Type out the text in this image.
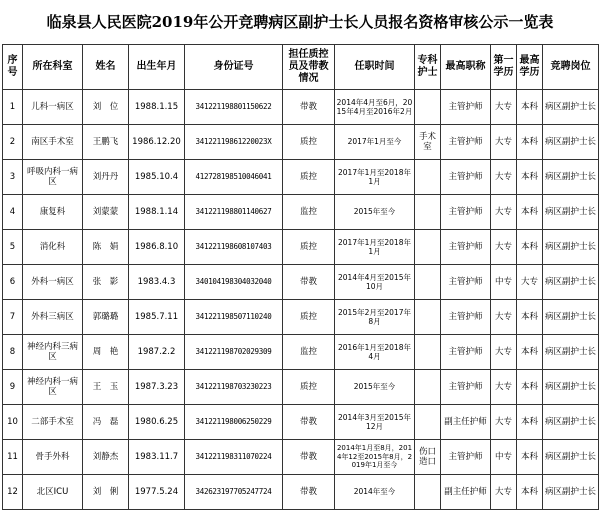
临泉县人民医院2019年公开竞聘病区副护士长人员报名资格审核公示一览表
序号	所在科室	姓名	出生年月	身份证号	担任质控员及带教情况	任职时间	专科护士	最高职称	第一学历	最高学历	竞聘岗位
1	儿科一病区	刘　位	1988.1.15	341221198801150622	带教	2014年4月至6月，2015年4月至2016年2月		主管护师	大专	本科	病区副护士长
2	南区手术室	王鹏飞	1986.12.20	34122119861220023X	质控	2017年1月至今	手术室	主管护师	大专	本科	病区副护士长
3	呼吸内科一病区	刘丹丹	1985.10.4	412728198510046041	质控	2017年1月至2018年1月		主管护师	大专	本科	病区副护士长
4	康复科	刘蒙蒙	1988.1.14	341221198801140627	监控	2015年至今		主管护师	大专	本科	病区副护士长
5	消化科	陈　娟	1986.8.10	341221198608107403	质控	2017年1月至2018年1月		主管护师	大专	本科	病区副护士长
6	外科一病区	张　影	1983.4.3	340104198304032040	带教	2014年4月至2015年10月		主管护师	中专	大专	病区副护士长
7	外科三病区	郭璐璐	1985.7.11	341221198507110240	质控	2015年2月至2017年8月		主管护师	大专	本科	病区副护士长
8	神经内科三病区	周　艳	1987.2.2	341221198702029309	监控	2016年1月至2018年4月		主管护师	大专	本科	病区副护士长
9	神经内科一病区	王　玉	1987.3.23	341221198703230223	质控	2015年至今		主管护师	大专	本科	病区副护士长
10	二部手术室	冯　磊	1980.6.25	341221198006250229	带教	2014年3月至2015年12月		副主任护师	大专	本科	病区副护士长
11	骨手外科	刘静杰	1983.11.7	341221198311070224	带教	2014年1月至8月，2014年12至2015年8月，2019年1月至今	伤口造口	主管护师	中专	本科	病区副护士长
12	北区ICU	刘　俐	1977.5.24	342623197705247724	带教	2014年至今		副主任护师	大专	本科	病区副护士长
